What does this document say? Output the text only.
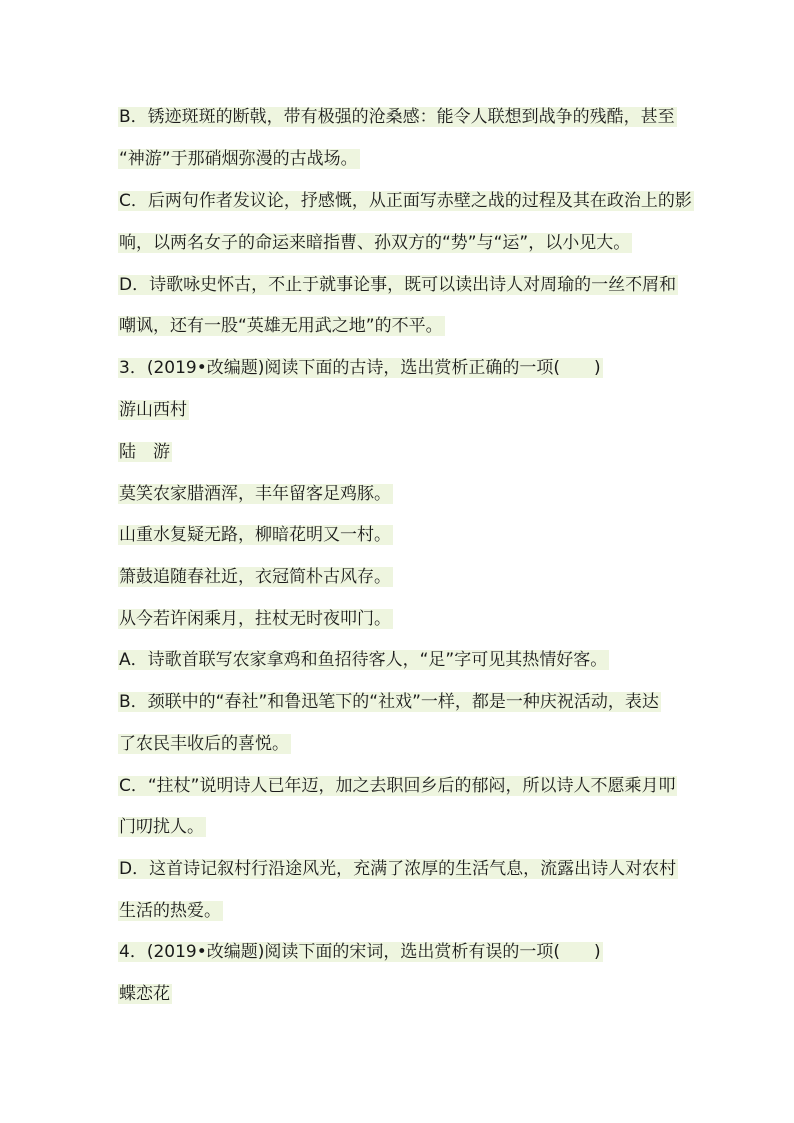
B．锈迹斑斑的断戟，带有极强的沧桑感：能令人联想到战争的残酷，甚至
“神游”于那硝烟弥漫的古战场。
C．后两句作者发议论，抒感慨，从正面写赤壁之战的过程及其在政治上的影
响，以两名女子的命运来暗指曹、孙双方的“势”与“运”，以小见大。
D．诗歌咏史怀古，不止于就事论事，既可以读出诗人对周瑜的一丝不屑和
嘲讽，还有一股“英雄无用武之地”的不平。
3．(2019•改编题)阅读下面的古诗，选出赏析正确的一项(　　)
游山西村
陆　游
莫笑农家腊酒浑，丰年留客足鸡豚。
山重水复疑无路，柳暗花明又一村。
箫鼓追随春社近，衣冠简朴古风存。
从今若许闲乘月，拄杖无时夜叩门。
A．诗歌首联写农家拿鸡和鱼招待客人，“足”字可见其热情好客。
B．颈联中的“春社”和鲁迅笔下的“社戏”一样，都是一种庆祝活动，表达
了农民丰收后的喜悦。
C．“拄杖”说明诗人已年迈，加之去职回乡后的郁闷，所以诗人不愿乘月叩
门叨扰人。
D．这首诗记叙村行沿途风光，充满了浓厚的生活气息，流露出诗人对农村
生活的热爱。
4．(2019•改编题)阅读下面的宋词，选出赏析有误的一项(　　)
蝶恋花
